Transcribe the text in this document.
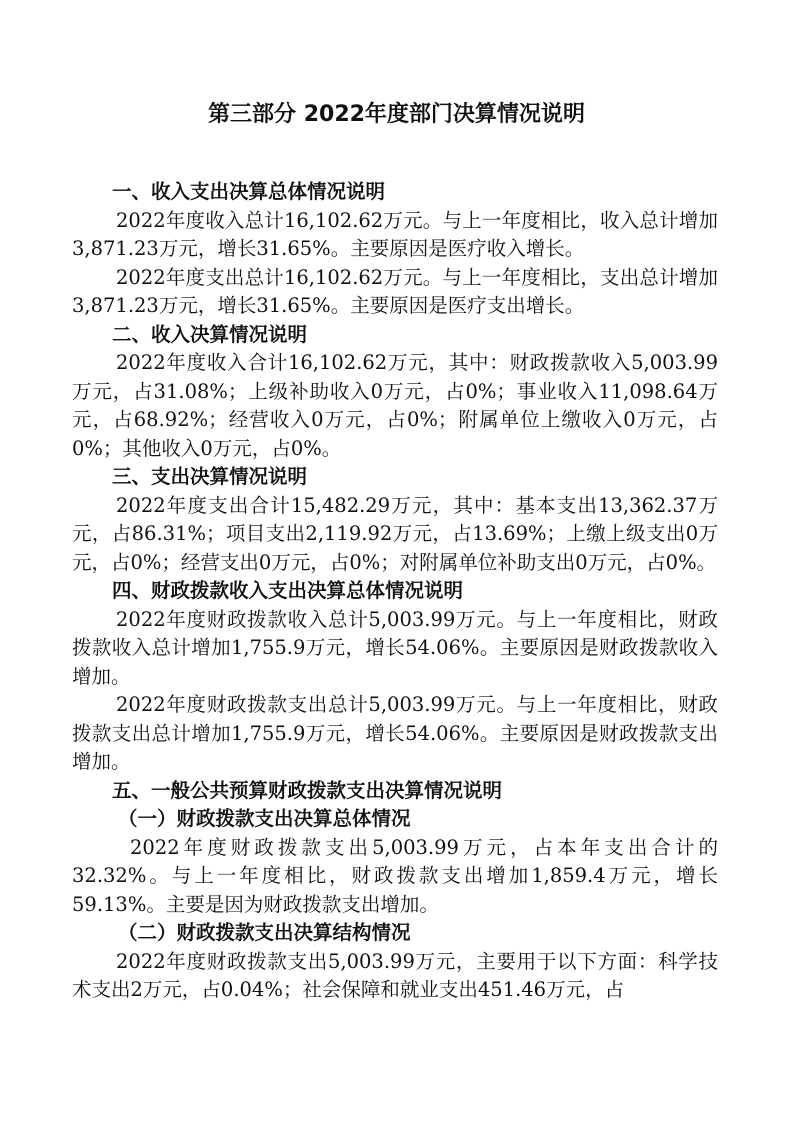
第三部分 2022年度部门决算情况说明
一、收入支出决算总体情况说明

2022年度收入总计16,102.62万元。与上一年度相比，收入总计增加3,871.23万元，增长31.65%。主要原因是医疗收入增长。

2022年度支出总计16,102.62万元。与上一年度相比，支出总计增加3,871.23万元，增长31.65%。主要原因是医疗支出增长。

二、收入决算情况说明

2022年度收入合计16,102.62万元，其中：财政拨款收入5,003.99万元，占31.08%；上级补助收入0万元，占0%；事业收入11,098.64万元，占68.92%；经营收入0万元，占0%；附属单位上缴收入0万元，占0%；其他收入0万元，占0%。

三、支出决算情况说明

2022年度支出合计15,482.29万元，其中：基本支出13,362.37万元，占86.31%；项目支出2,119.92万元，占13.69%；上缴上级支出0万元，占0%；经营支出0万元，占0%；对附属单位补助支出0万元，占0%。

四、财政拨款收入支出决算总体情况说明

2022年度财政拨款收入总计5,003.99万元。与上一年度相比，财政拨款收入总计增加1,755.9万元，增长54.06%。主要原因是财政拨款收入增加。

2022年度财政拨款支出总计5,003.99万元。与上一年度相比，财政拨款支出总计增加1,755.9万元，增长54.06%。主要原因是财政拨款支出增加。

五、一般公共预算财政拨款支出决算情况说明
（一）财政拨款支出决算总体情况

2022年度财政拨款支出5,003.99万元，占本年支出合计的32.32%。与上一年度相比，财政拨款支出增加1,859.4万元，增长59.13%。主要是因为财政拨款支出增加。

（二）财政拨款支出决算结构情况

2022年度财政拨款支出5,003.99万元，主要用于以下方面：科学技术支出2万元，占0.04%；社会保障和就业支出451.46万元，占
